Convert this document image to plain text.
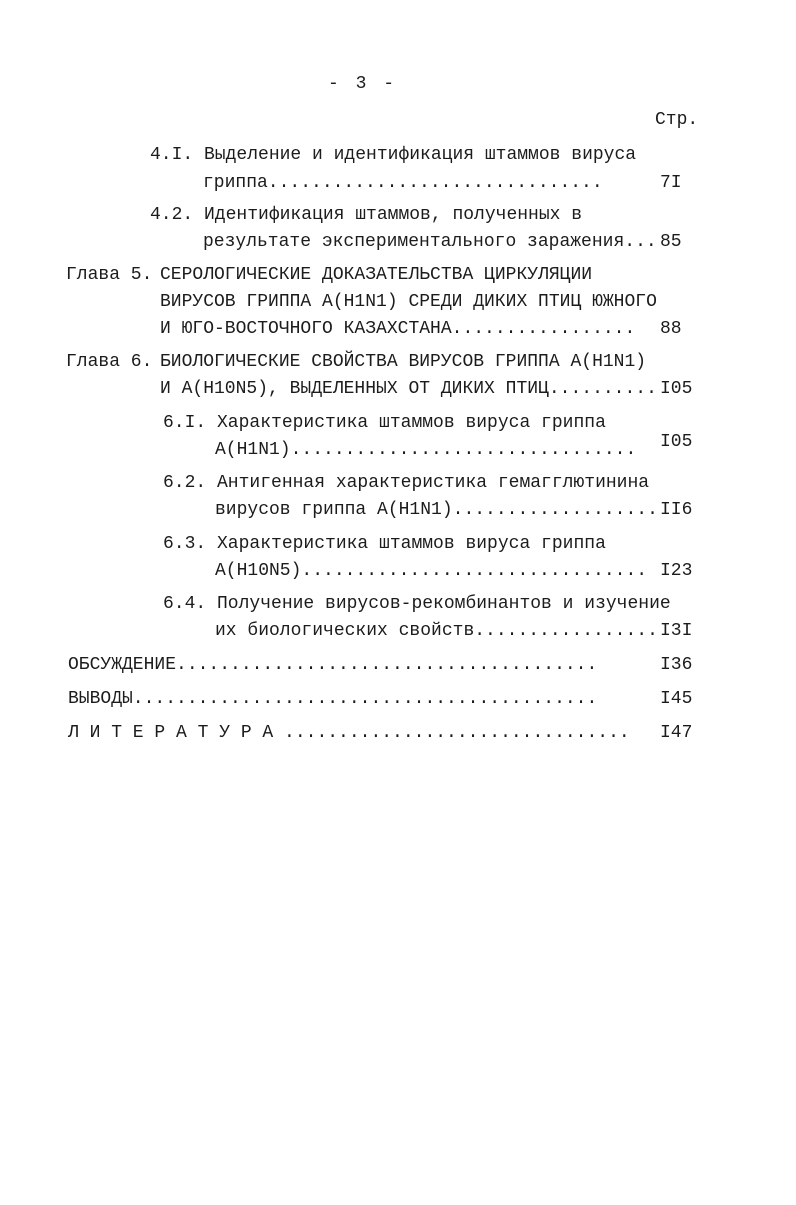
- 3 -
Стр.
4.I. Выделение и идентификация штаммов вируса
гриппа...............................	7I
4.2. Идентификация штаммов, полученных в
результате экспериментального заражения... 85
Глава 5. СЕРОЛОГИЧЕСКИЕ ДОКАЗАТЕЛЬСТВА ЦИРКУЛЯЦИИ
ВИРУСОВ ГРИППА А(H1N1) СРЕДИ ДИКИХ ПТИЦ ЮЖНОГО
И ЮГО-ВОСТОЧНОГО КАЗАХСТАНА................. 88
Глава 6. БИОЛОГИЧЕСКИЕ СВОЙСТВА ВИРУСОВ ГРИППА А(H1N1)
И А(H10N5), ВЫДЕЛЕННЫХ ОТ ДИКИХ ПТИЦ.......... I05
6.I. Характеристика штаммов вируса гриппа
А(H1N1)................................ I05
6.2. Антигенная характеристика гемагглютинина
вирусов гриппа А(H1N1)................... II6
6.3. Характеристика штаммов вируса гриппа
А(H10N5)................................ I23
6.4. Получение вирусов-рекомбинантов и изучение
их биологических свойств................. I3I
ОБСУЖДЕНИЕ.......................................	I36
ВЫВОДЫ...........................................	I45
Л И Т Е Р А Т У Р А ................................ I47
